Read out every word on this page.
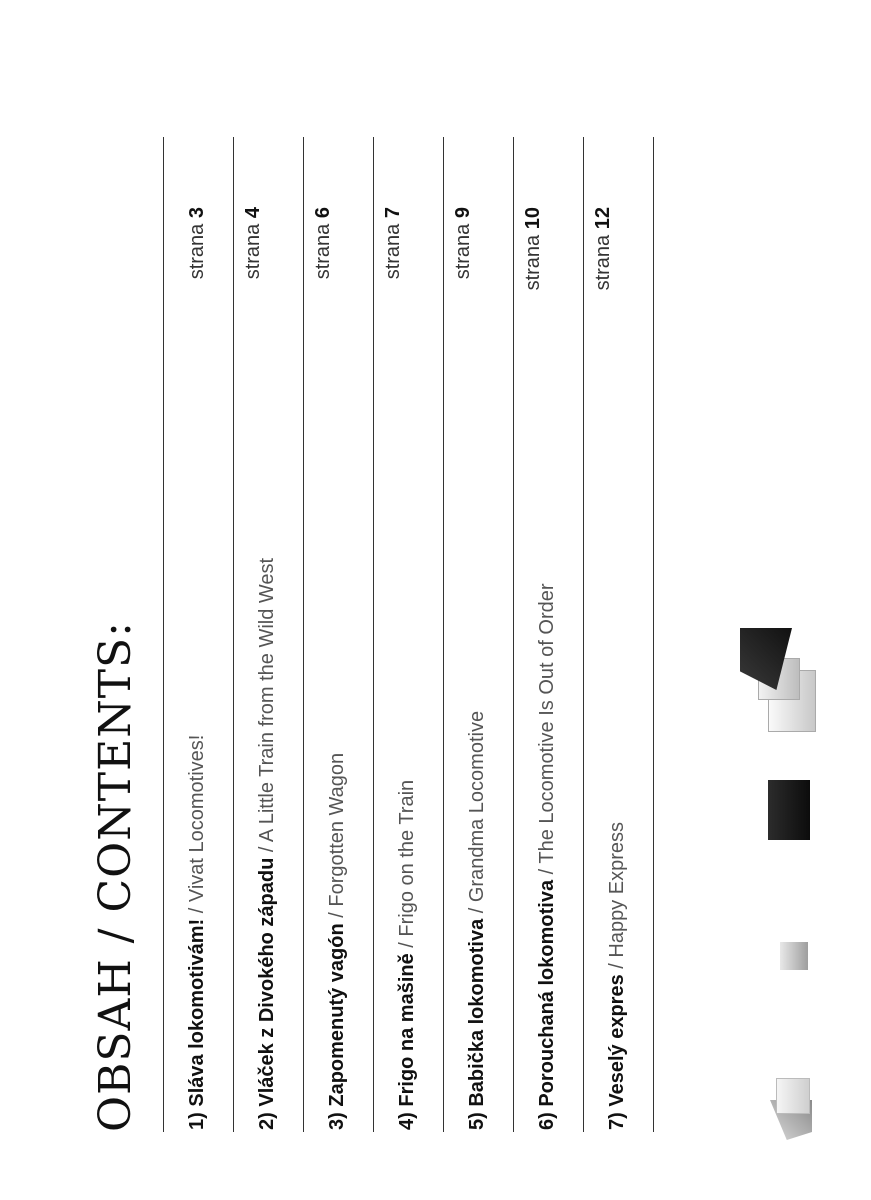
OBSAH / CONTENTS: 1) Sláva lokomotivám! / Vivat Locomotives!
strana 3
2) Vláček z Divokého západu / A Little Train from the Wild West
strana 4
3) Zapomenutý vagón / Forgotten Wagon
strana 6
4) Frigo na mašině / Frigo on the Train
strana 7
5) Babička lokomotiva / Grandma Locomotive
strana 9
6) Porouchaná lokomotiva / The Locomotive Is Out of Order
strana 10
7) Veselý expres / Happy Express
strana 12
